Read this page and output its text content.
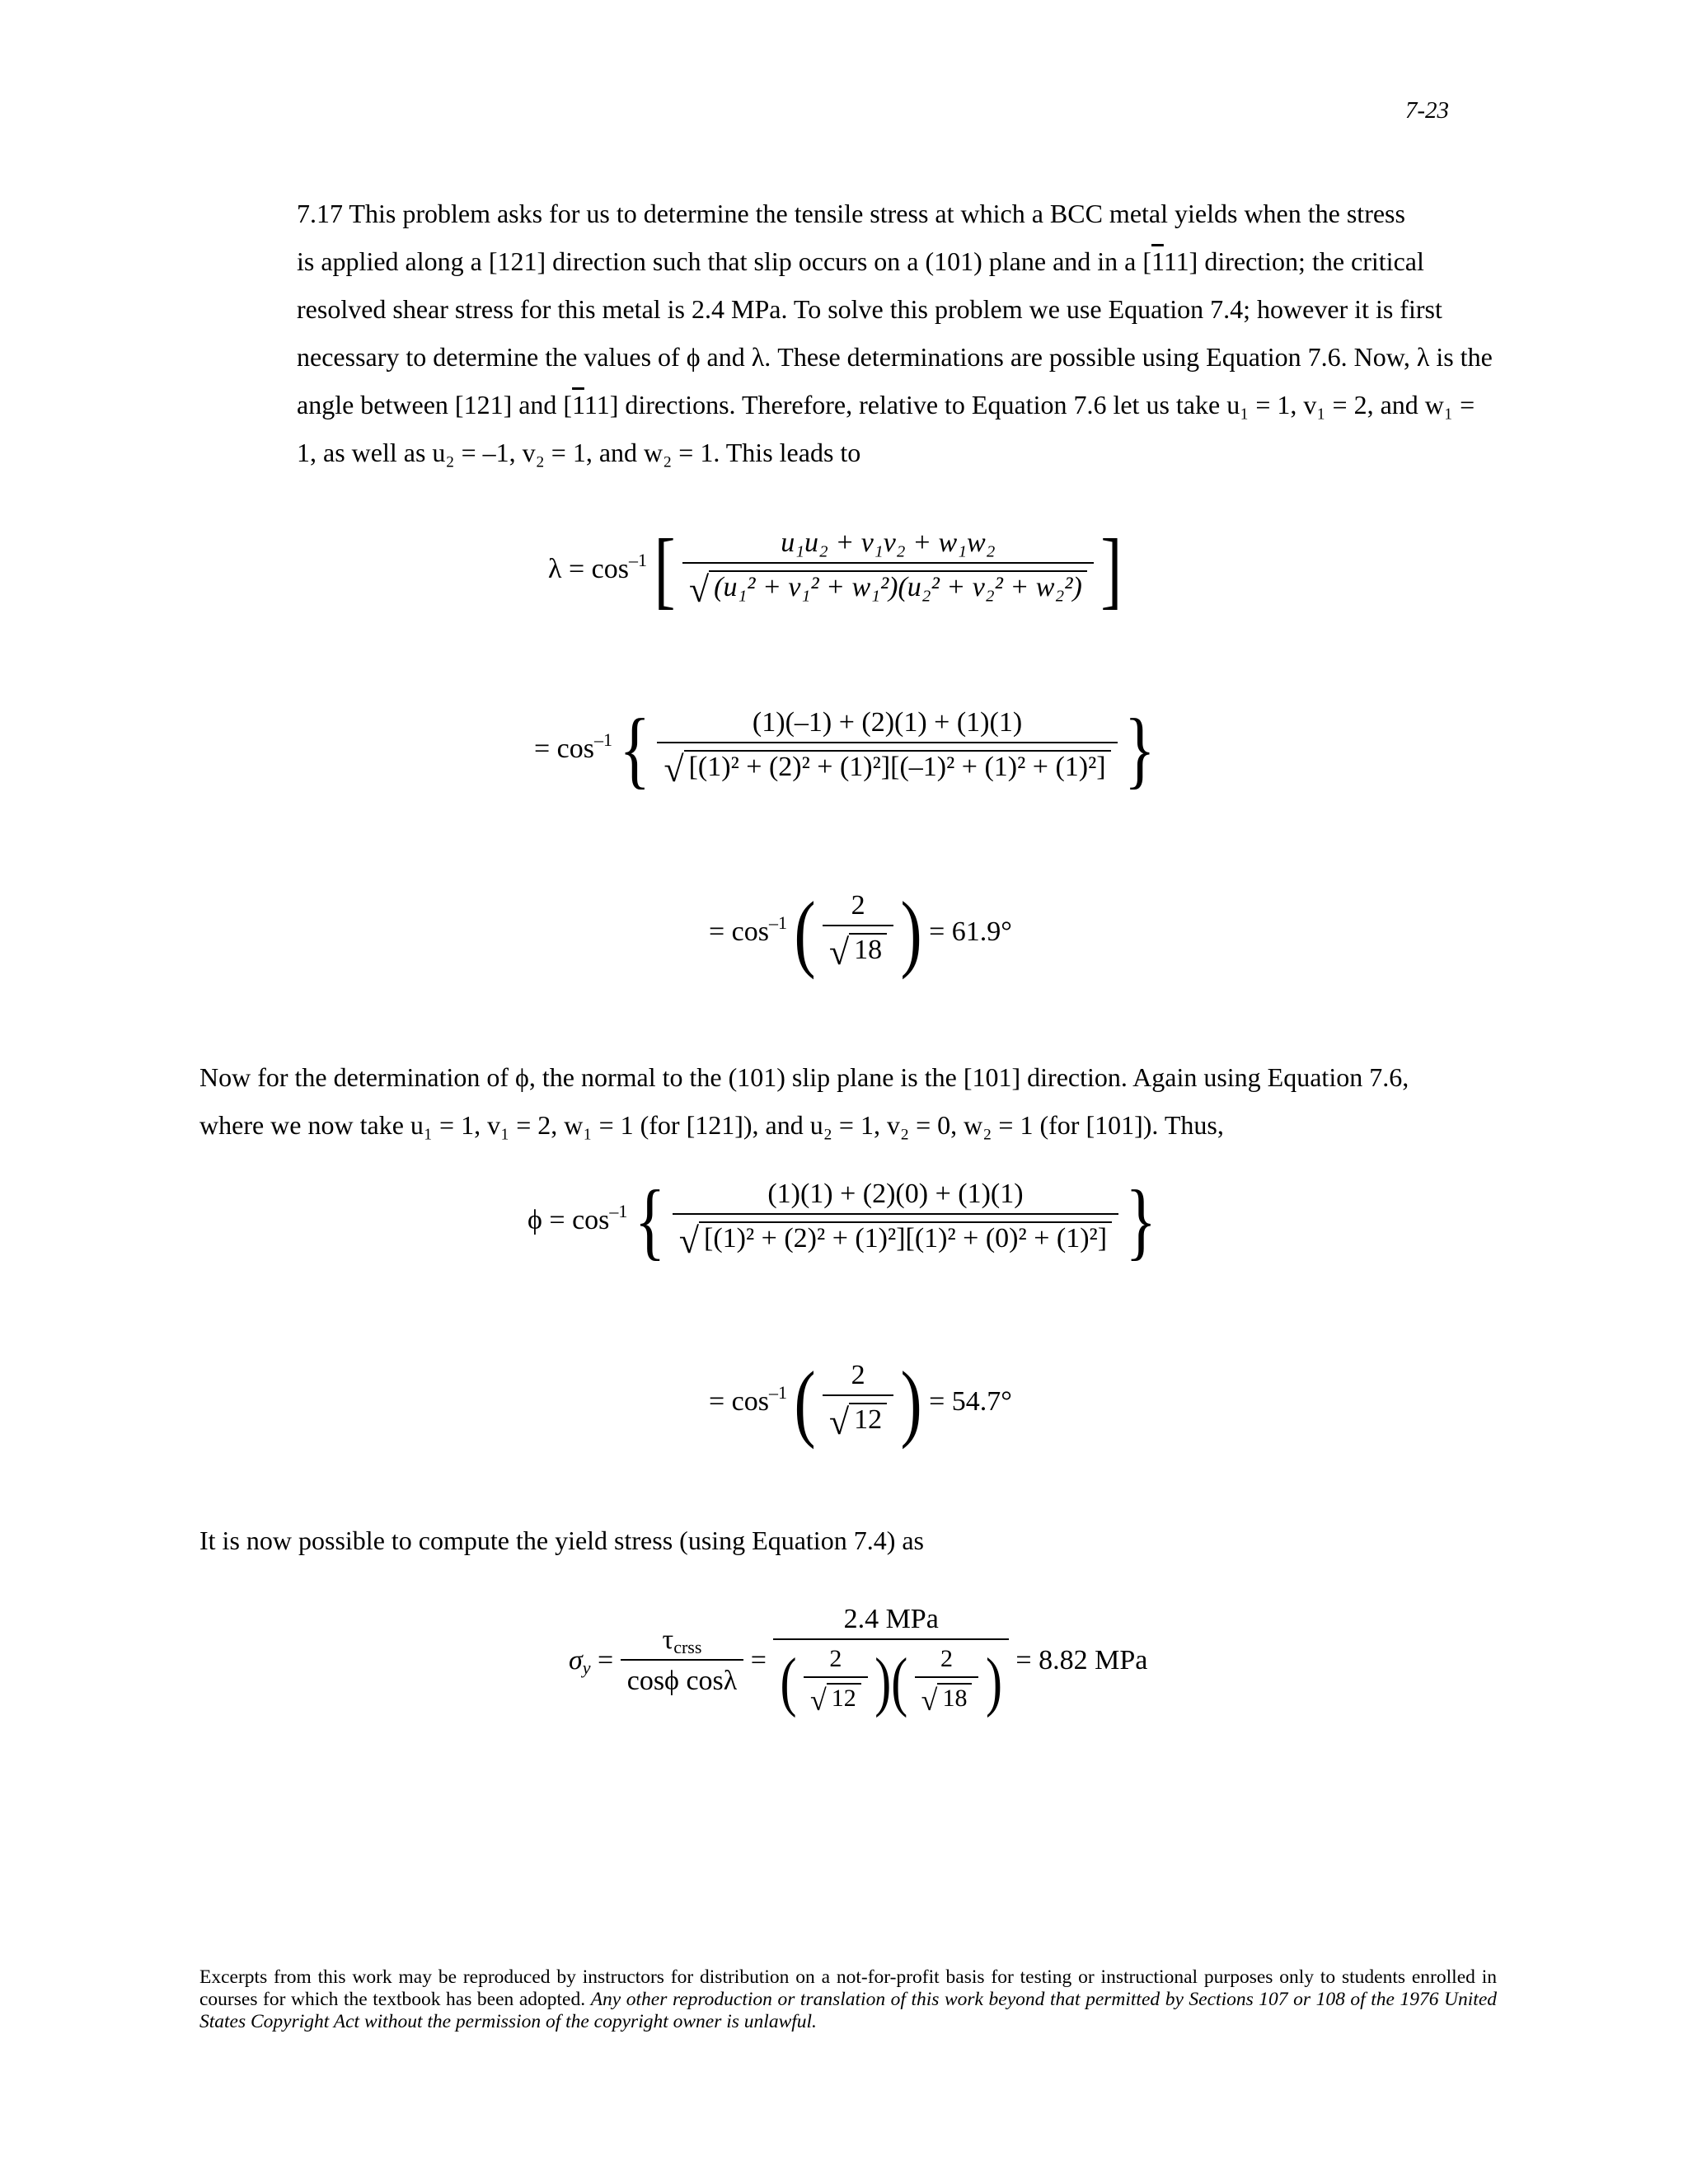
7-23
7.17 This problem asks for us to determine the tensile stress at which a BCC metal yields when the stress
is applied along a [121] direction such that slip occurs on a (101) plane and in a [111] direction; the critical
resolved shear stress for this metal is 2.4 MPa. To solve this problem we use Equation 7.4; however it is first
necessary to determine the values of ϕ and λ. These determinations are possible using Equation 7.6. Now, λ is the
angle between [121] and [111] directions. Therefore, relative to Equation 7.6 let us take u₁ = 1, v₁ = 2, and w₁ =
1, as well as u₂ = –1, v₂ = 1, and w₂ = 1. This leads to
$\lambda = \cos^{-1}$ [ $\frac{\text{u₁u₂ + v₁v₂ + w₁w₂}}{\text{√ (u₁² + v₁² + w₁²)(u₂² + v₂² + w₂²)}}$ ]
= $\cos^{-1}$ { $\frac{(1)(-1) + (2)(1) + (1)(1)}{\text{√ [(1)² + (2)² + (1)²][(–1)² + (1)² + (1)²]}}$ }
= $\cos^{-1}$ ( $\frac{2}{√ 18}$ ) = 61.9°
Now for the determination of ϕ, the normal to the (101) slip plane is the [101] direction. Again using Equation 7.6,
where we now take u₁ = 1, v₁ = 2, w₁ = 1 (for [121]), and u₂ = 1, v₂ = 0, w₂ = 1 (for [101]). Thus,
$\phi = \cos^{-1}$ { $\frac{(1)(1) + (2)(0) + (1)(1)}{\text{√ [(1)² + (2)² + (1)²][(1)² + (0)² + (1)²]}}$ }
= $\cos^{-1}$ ( $\frac{2}{√ 12}$ ) = 54.7°
It is now possible to compute the yield stress (using Equation 7.4) as
$\sigma_y = \frac{\tau_{crss}}{\text{cosϕ cosλ}} = \frac{\text{2.4 MPa}}{( \frac{2}{√ 12} )( \frac{2}{√ 18} )} = 8.82$ MPa
Excerpts from this work may be reproduced by instructors for distribution on a not-for-profit basis for testing or instructional purposes only to students enrolled in courses for which the textbook has been adopted. Any other reproduction or translation of this work beyond that permitted by Sections 107 or 108 of the 1976 United States Copyright Act without the permission of the copyright owner is unlawful.
